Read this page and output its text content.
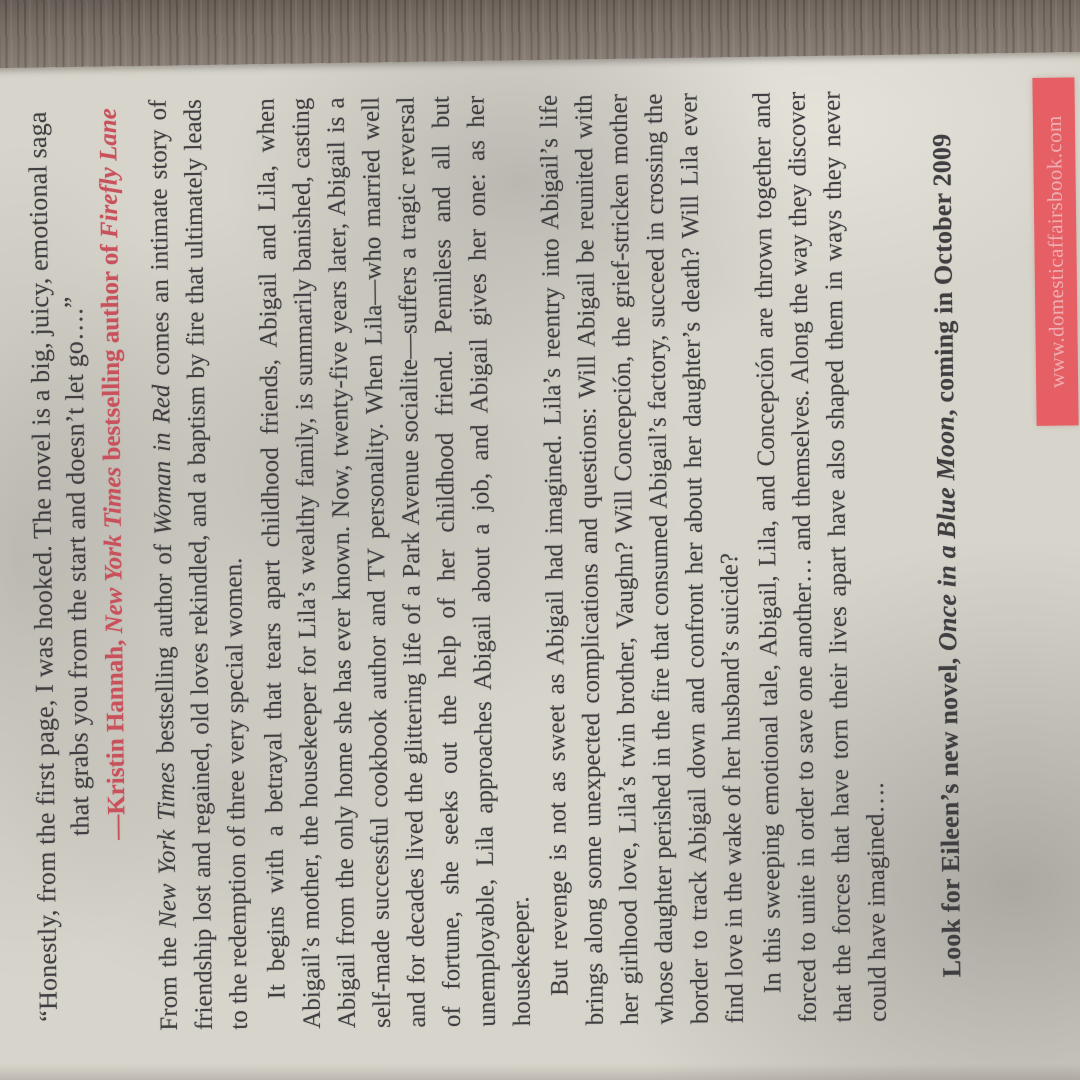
“Honestly, from the first page, I was hooked. The novel is a big, juicy, emotional saga that grabs you from the start and doesn’t let go….” —Kristin Hannah, New York Times bestselling author of Firefly Lane

From the New York Times bestselling author of Woman in Red comes an intimate story of friendship lost and regained, old loves rekindled, and a baptism by fire that ultimately leads to the redemption of three very special women. It begins with a betrayal that tears apart childhood friends, Abigail and Lila, when Abigail’s mother, the housekeeper for Lila’s wealthy family, is summarily banished, casting Abigail from the only home she has ever known. Now, twenty-five years later, Abigail is a self-made successful cookbook author and TV personality. When Lila—who married well and for decades lived the glittering life of a Park Avenue socialite—suffers a tragic reversal of fortune, she seeks out the help of her childhood friend. Penniless and all but unemployable, Lila approaches Abigail about a job, and Abigail gives her one: as her housekeeper. But revenge is not as sweet as Abigail had imagined. Lila’s reentry into Abigail’s life brings along some unexpected complications and questions: Will Abigail be reunited with her girlhood love, Lila’s twin brother, Vaughn? Will Concepción, the grief-stricken mother whose daughter perished in the fire that consumed Abigail’s factory, succeed in crossing the border to track Abigail down and confront her about her daughter’s death? Will Lila ever find love in the wake of her husband’s suicide? In this sweeping emotional tale, Abigail, Lila, and Concepción are thrown together and forced to unite in order to save one another… and themselves. Along the way they discover that the forces that have torn their lives apart have also shaped them in ways they never could have imagined…. Look for Eileen’s new novel, Once in a Blue Moon, coming in October 2009	www.domesticaffairsbook.com
